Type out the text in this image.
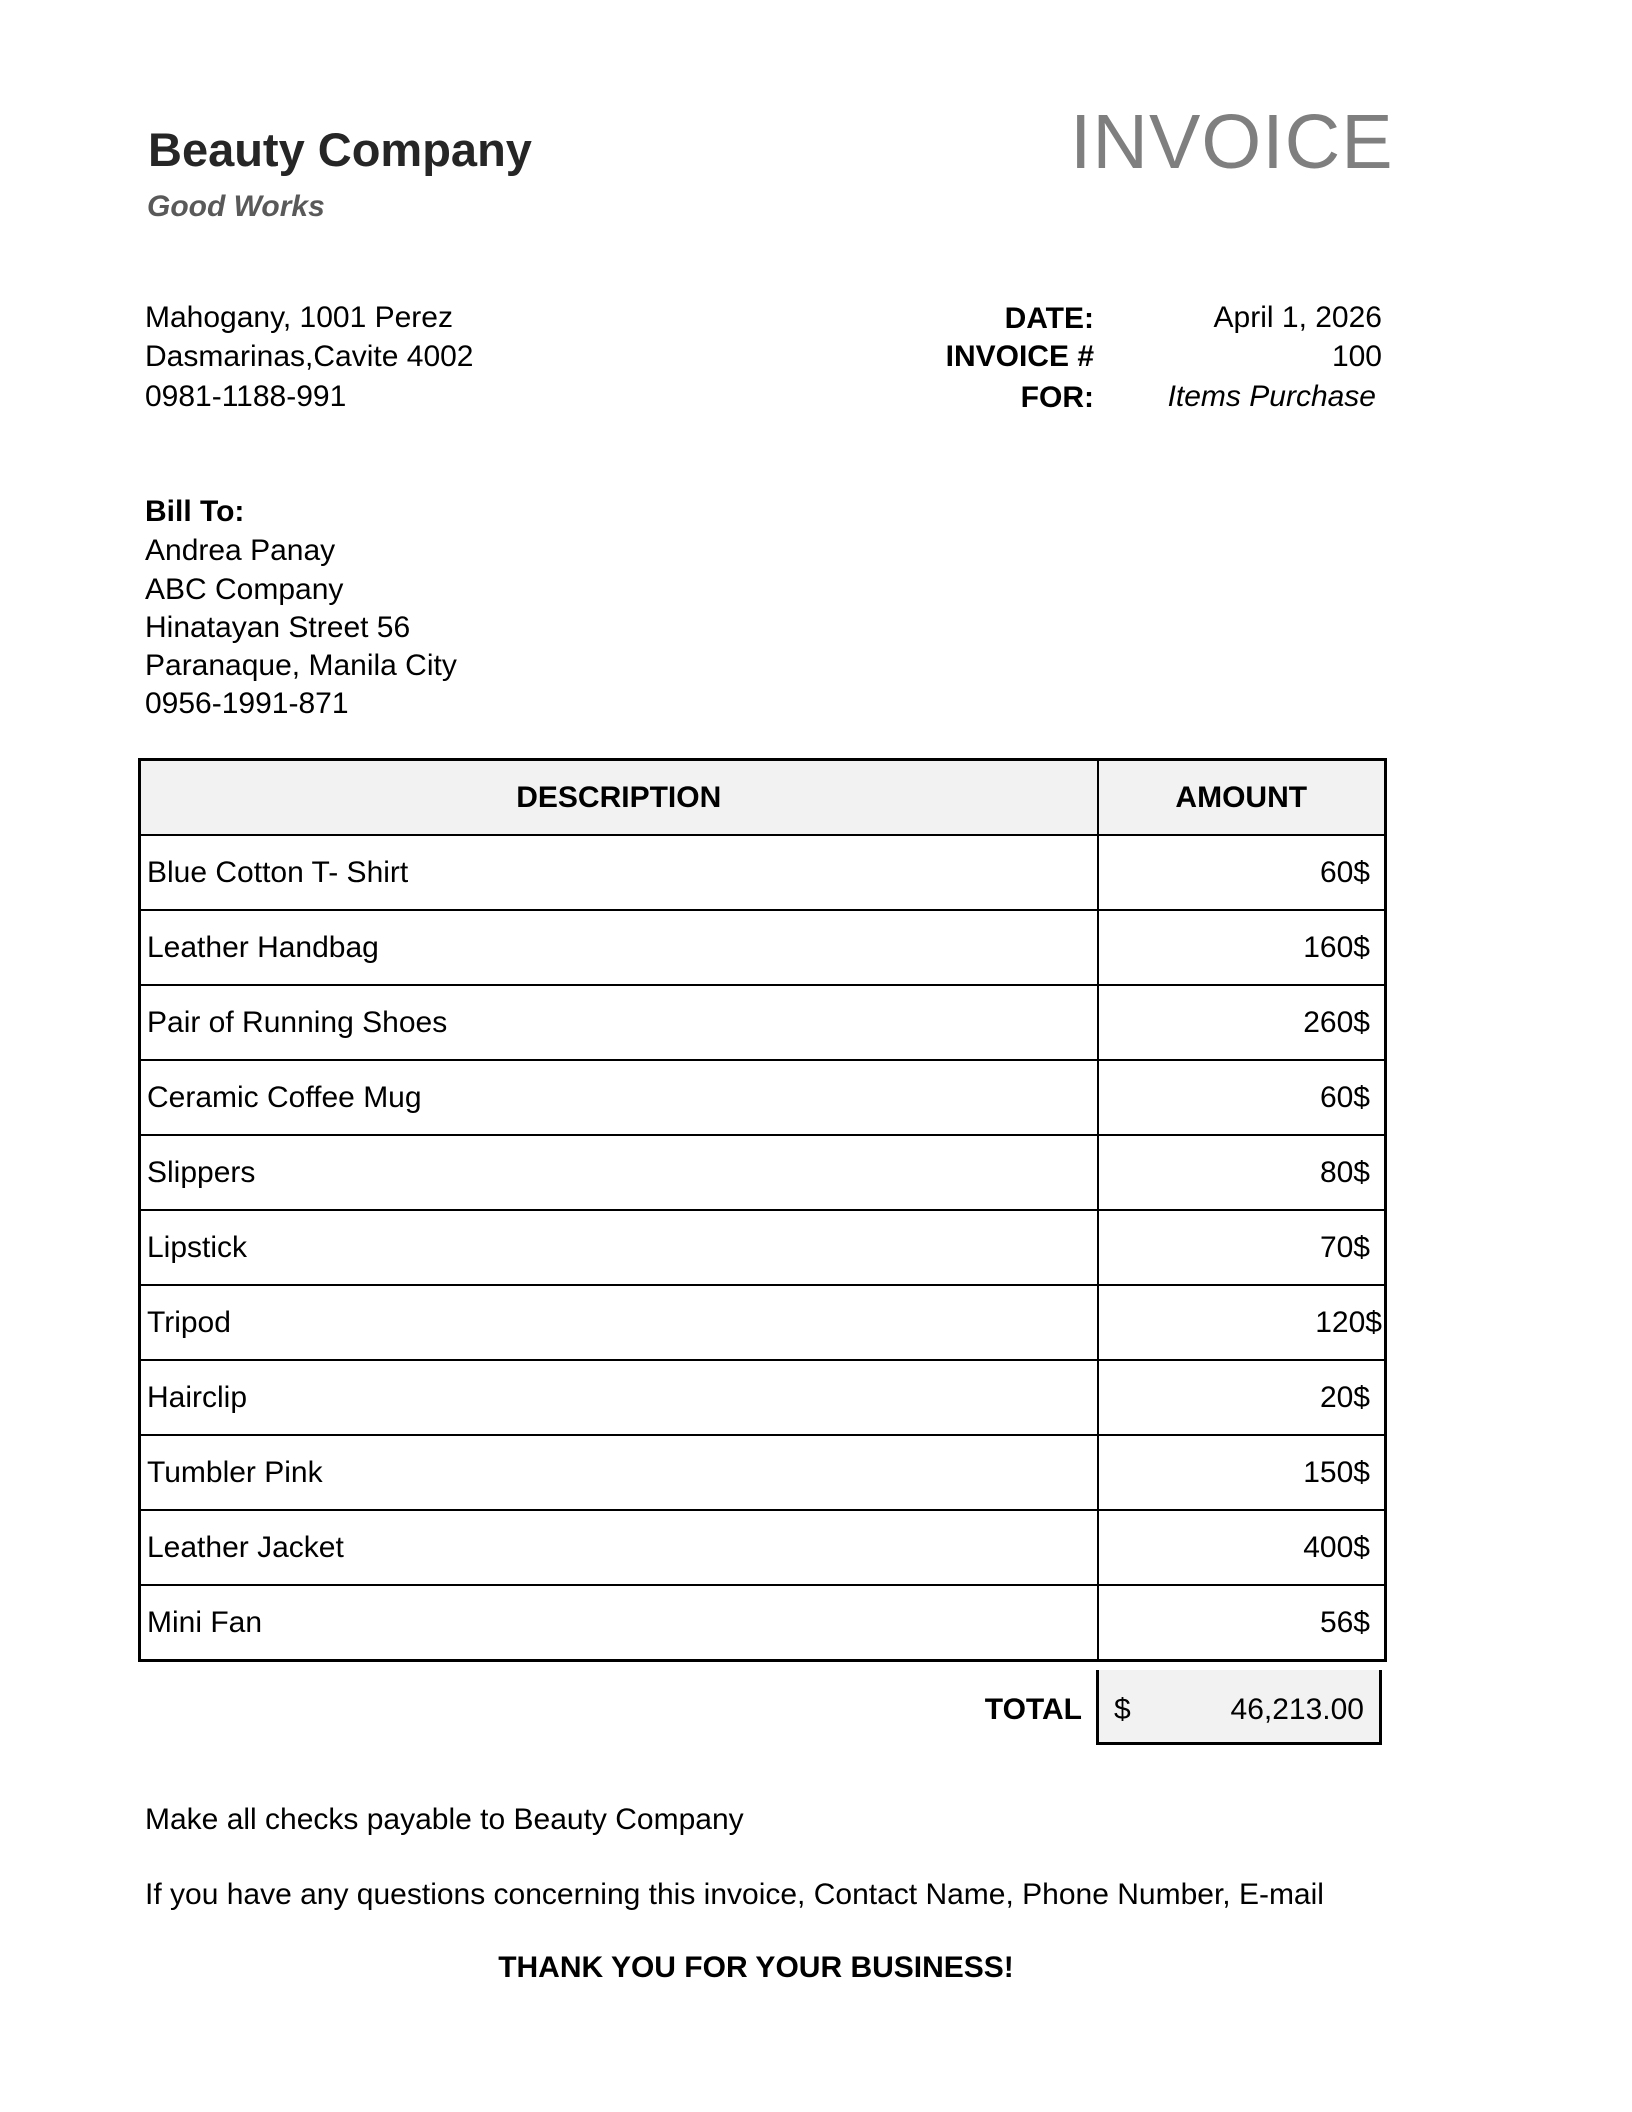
Beauty Company
Good Works
INVOICE
Mahogany, 1001 Perez
Dasmarinas,Cavite 4002
0981-1188-991
DATE:	April 1, 2026
INVOICE #	100
FOR:	Items Purchase
Bill To:
Andrea Panay
ABC Company
Hinatayan Street 56
Paranaque, Manila City
0956-1991-871
DESCRIPTION	AMOUNT
Blue Cotton T- Shirt	60$
Leather Handbag	160$
Pair of Running Shoes	260$
Ceramic Coffee Mug	60$
Slippers	80$
Lipstick	70$
Tripod	120$
Hairclip	20$
Tumbler Pink	150$
Leather Jacket	400$
Mini Fan	56$
TOTAL $	46,213.00
Make all checks payable to Beauty Company
If you have any questions concerning this invoice, Contact Name, Phone Number, E-mail
THANK YOU FOR YOUR BUSINESS!
